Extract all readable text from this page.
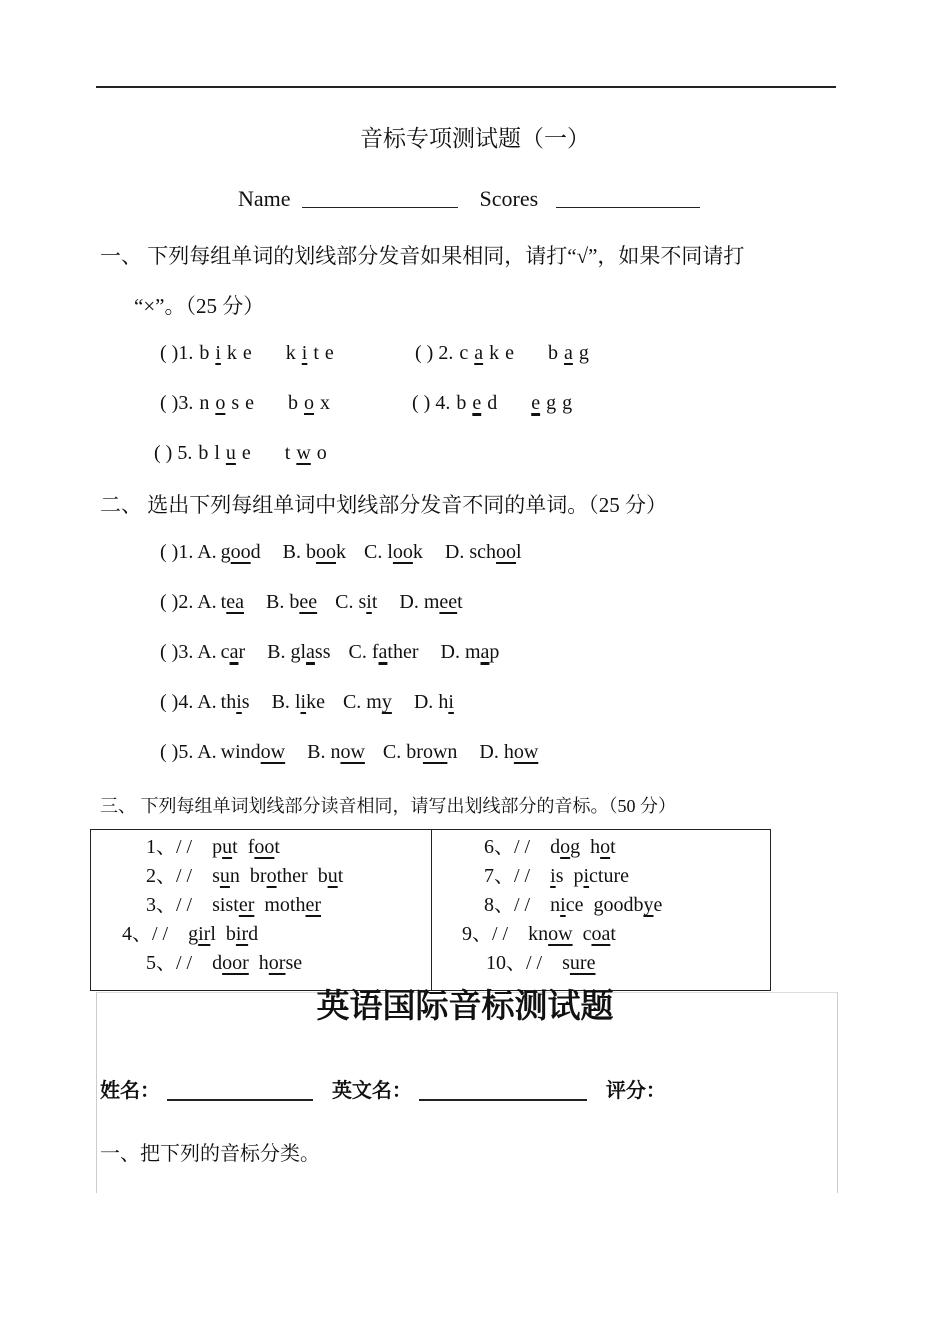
音标专项测试题（一）
Name	Scores
一、 下列每组单词的划线部分发音如果相同，请打“√”，如果不同请打
“×”。（25 分）
( )1. b i k e k i t e	( ) 2. c a k e b a g
( )3. n o s e b o x	( ) 4. b e d e g g
( ) 5. b l u e t w o
二、 选出下列每组单词中划线部分发音不同的单词。（25 分）
( )1. A. good B. book C. look D. school
( )2. A. tea B. bee C. sit D. meet
( )3. A. car B. glass C. father D. map
( )4. A. this B. like C. my D. hi
( )5. A. window B. now C. brown D. how
三、 下列每组单词划线部分读音相同，请写出划线部分的音标。（50 分）
1、/ / put foot
2、/ / sun brother but
3、/ / sister mother
4、/ / girl bird
5、/ / door horse
6、/ / dog hot
7、/ / is picture
8、/ / nice goodbye
9、/ / know coat
10、/ / sure
英语国际音标测试题
姓名：	英文名：	评分：
一、把下列的音标分类。
